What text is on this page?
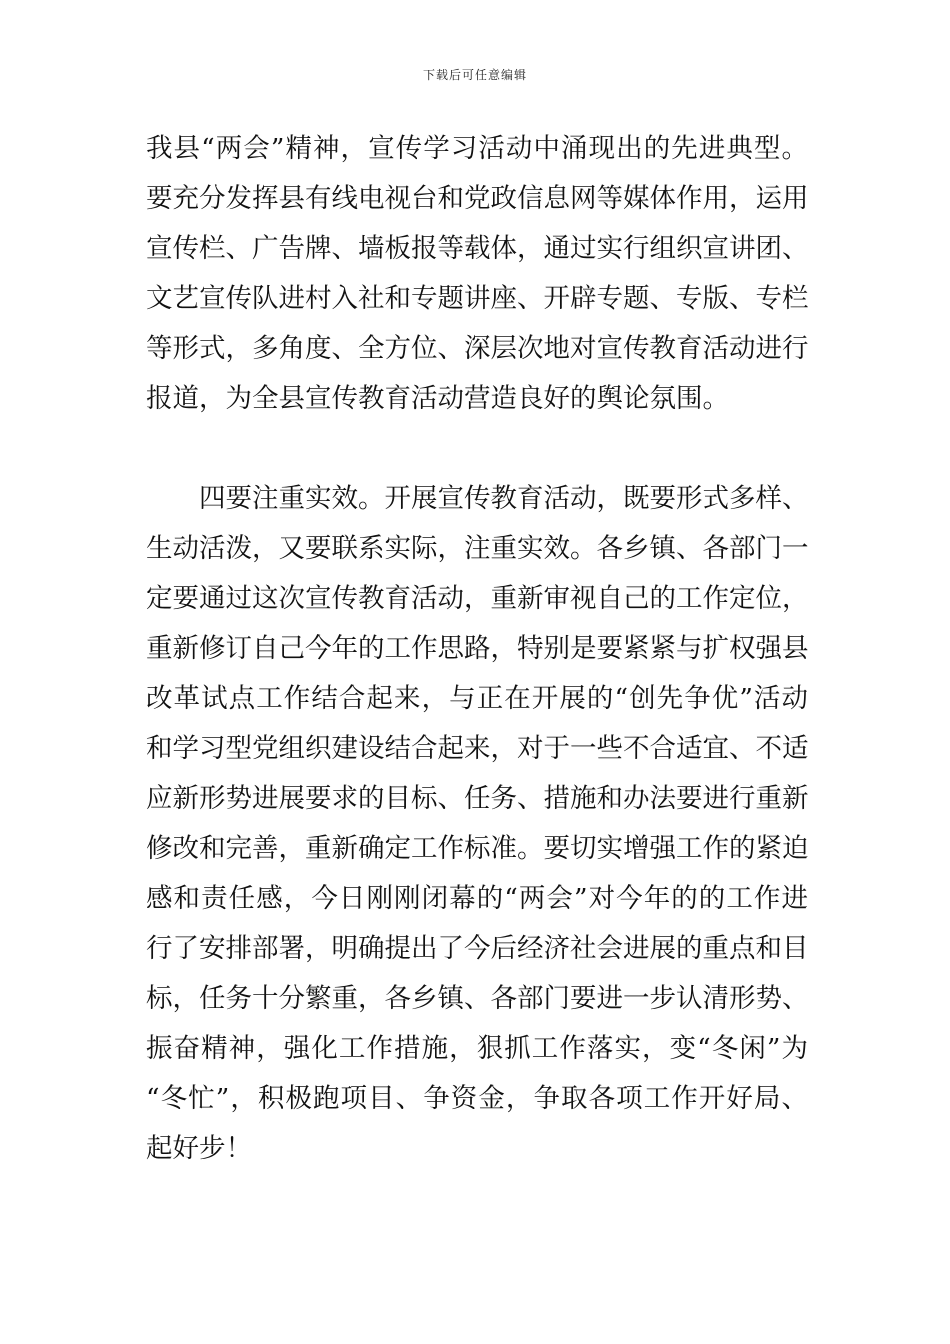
下载后可任意编辑
我县“两会”精神，宣传学习活动中涌现出的先进典型。
要充分发挥县有线电视台和党政信息网等媒体作用，运用
宣传栏、广告牌、墙板报等载体，通过实行组织宣讲团、
文艺宣传队进村入社和专题讲座、开辟专题、专版、专栏
等形式，多角度、全方位、深层次地对宣传教育活动进行
报道，为全县宣传教育活动营造良好的舆论氛围。
　　四要注重实效。开展宣传教育活动，既要形式多样、
生动活泼，又要联系实际，注重实效。各乡镇、各部门一
定要通过这次宣传教育活动，重新审视自己的工作定位，
重新修订自己今年的工作思路，特别是要紧紧与扩权强县
改革试点工作结合起来，与正在开展的“创先争优”活动
和学习型党组织建设结合起来，对于一些不合适宜、不适
应新形势进展要求的目标、任务、措施和办法要进行重新
修改和完善，重新确定工作标准。要切实增强工作的紧迫
感和责任感，今日刚刚闭幕的“两会”对今年的的工作进
行了安排部署，明确提出了今后经济社会进展的重点和目
标，任务十分繁重，各乡镇、各部门要进一步认清形势、
振奋精神，强化工作措施，狠抓工作落实，变“冬闲”为
“冬忙”，积极跑项目、争资金，争取各项工作开好局、
起好步！
